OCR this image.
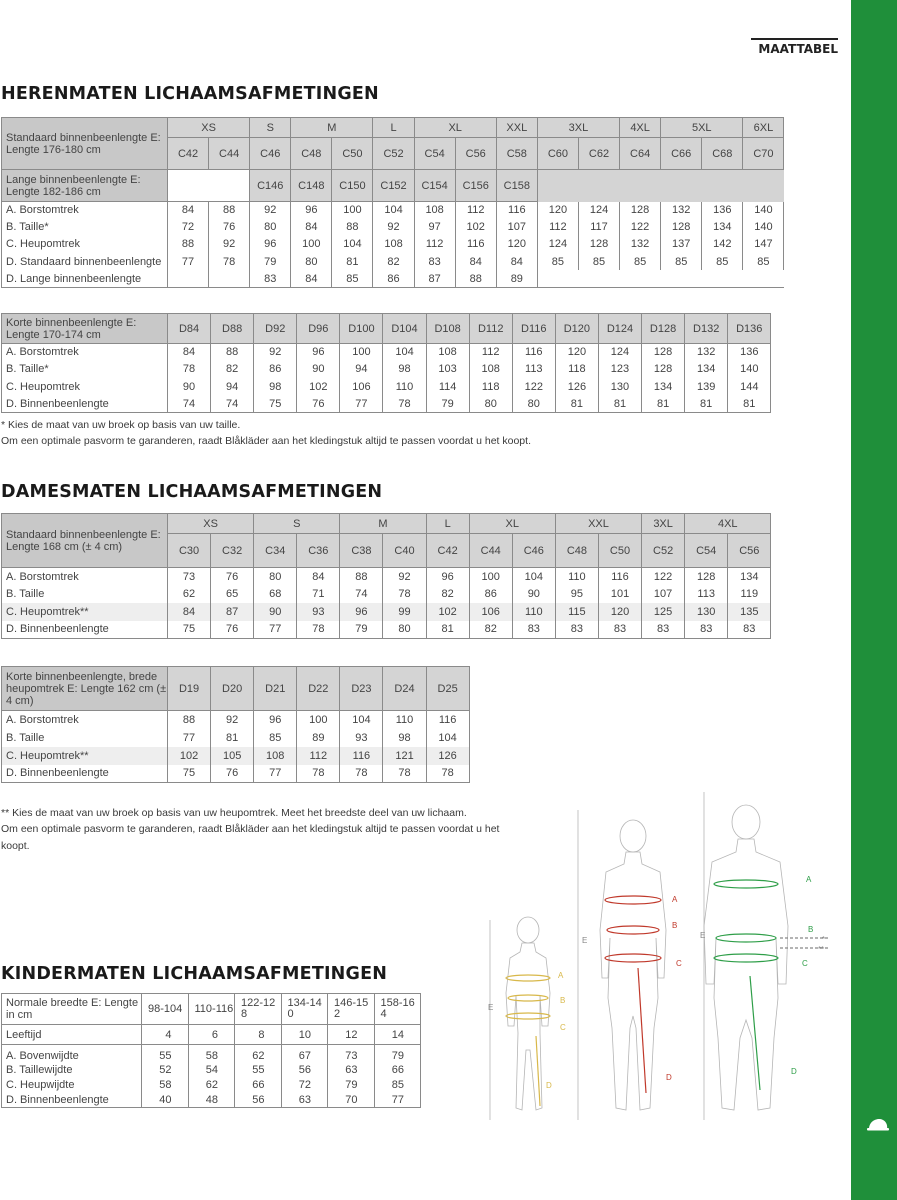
MAATTABEL
HERENMATEN LICHAAMSAFMETINGEN
Standaard binnenbeenlengte E: Lengte 176-180 cm	XS		S	M		L	XL		XXL	3XL		4XL	5XL		6XL
	C42	C44	C46	C48	C50	C52	C54	C56	C58	C60	C62	C64	C66	C68	C70
Lange binnenbeenlengte E: Lengte 182-186 cm			C146	C148	C150	C152	C154	C156	C158						
A. Borstomtrek	84	88	92	96	100	104	108	112	116	120	124	128	132	136	140
B. Taille*	72	76	80	84	88	92	97	102	107	112	117	122	128	134	140
C. Heupomtrek	88	92	96	100	104	108	112	116	120	124	128	132	137	142	147
D. Standaard binnenbeenlengte	77	78	79	80	81	82	83	84	84	85	85	85	85	85	85
D. Lange binnenbeenlengte			83	84	85	86	87	88	89						
Korte binnenbeenlengte E: Lengte 170-174 cm	D84	D88	D92	D96	D100	D104	D108	D112	D116	D120	D124	D128	D132	D136
A. Borstomtrek	84	88	92	96	100	104	108	112	116	120	124	128	132	136
B. Taille*	78	82	86	90	94	98	103	108	113	118	123	128	134	140
C. Heupomtrek	90	94	98	102	106	110	114	118	122	126	130	134	139	144
D. Binnenbeenlengte	74	74	75	76	77	78	79	80	80	81	81	81	81	81
* Kies de maat van uw broek op basis van uw taille.
Om een optimale pasvorm te garanderen, raadt Blåkläder aan het kledingstuk altijd te passen voordat u het koopt.
DAMESMATEN LICHAAMSAFMETINGEN
Standaard binnenbeenlengte E: Lengte 168 cm (± 4 cm)	XS		S		M		L	XL		XXL		3XL	4XL	
	C30	C32	C34	C36	C38	C40	C42	C44	C46	C48	C50	C52	C54	C56
A. Borstomtrek	73	76	80	84	88	92	96	100	104	110	116	122	128	134
B. Taille	62	65	68	71	74	78	82	86	90	95	101	107	113	119
C. Heupomtrek**	84	87	90	93	96	99	102	106	110	115	120	125	130	135
D. Binnenbeenlengte	75	76	77	78	79	80	81	82	83	83	83	83	83	83
Korte binnenbeenlengte, brede heupomtrek E: Lengte 162 cm (± 4 cm)	D19	D20	D21	D22	D23	D24	D25
A. Borstomtrek	88	92	96	100	104	110	116
B. Taille	77	81	85	89	93	98	104
C. Heupomtrek**	102	105	108	112	116	121	126
D. Binnenbeenlengte	75	76	77	78	78	78	78
** Kies de maat van uw broek op basis van uw heupomtrek. Meet het breedste deel van uw lichaam.
Om een optimale pasvorm te garanderen, raadt Blåkläder aan het kledingstuk altijd te passen voordat u het koopt.
KINDERMATEN LICHAAMSAFMETINGEN
Normale breedte E: Lengte in cm	98-104	110-116	122-128	134-140	146-152	158-164
Leeftijd	4	6	8	10	12	14
A. Bovenwijdte	55	58	62	67	73	79
B. Taillewijdte	52	54	55	56	63	66
C. Heupwijdte	58	62	66	72	79	85
D. Binnenbeenlengte	40	48	56	63	70	77
A
B
C
D
E
A
B
C
D
E
A
B
C
D
E	*
**
